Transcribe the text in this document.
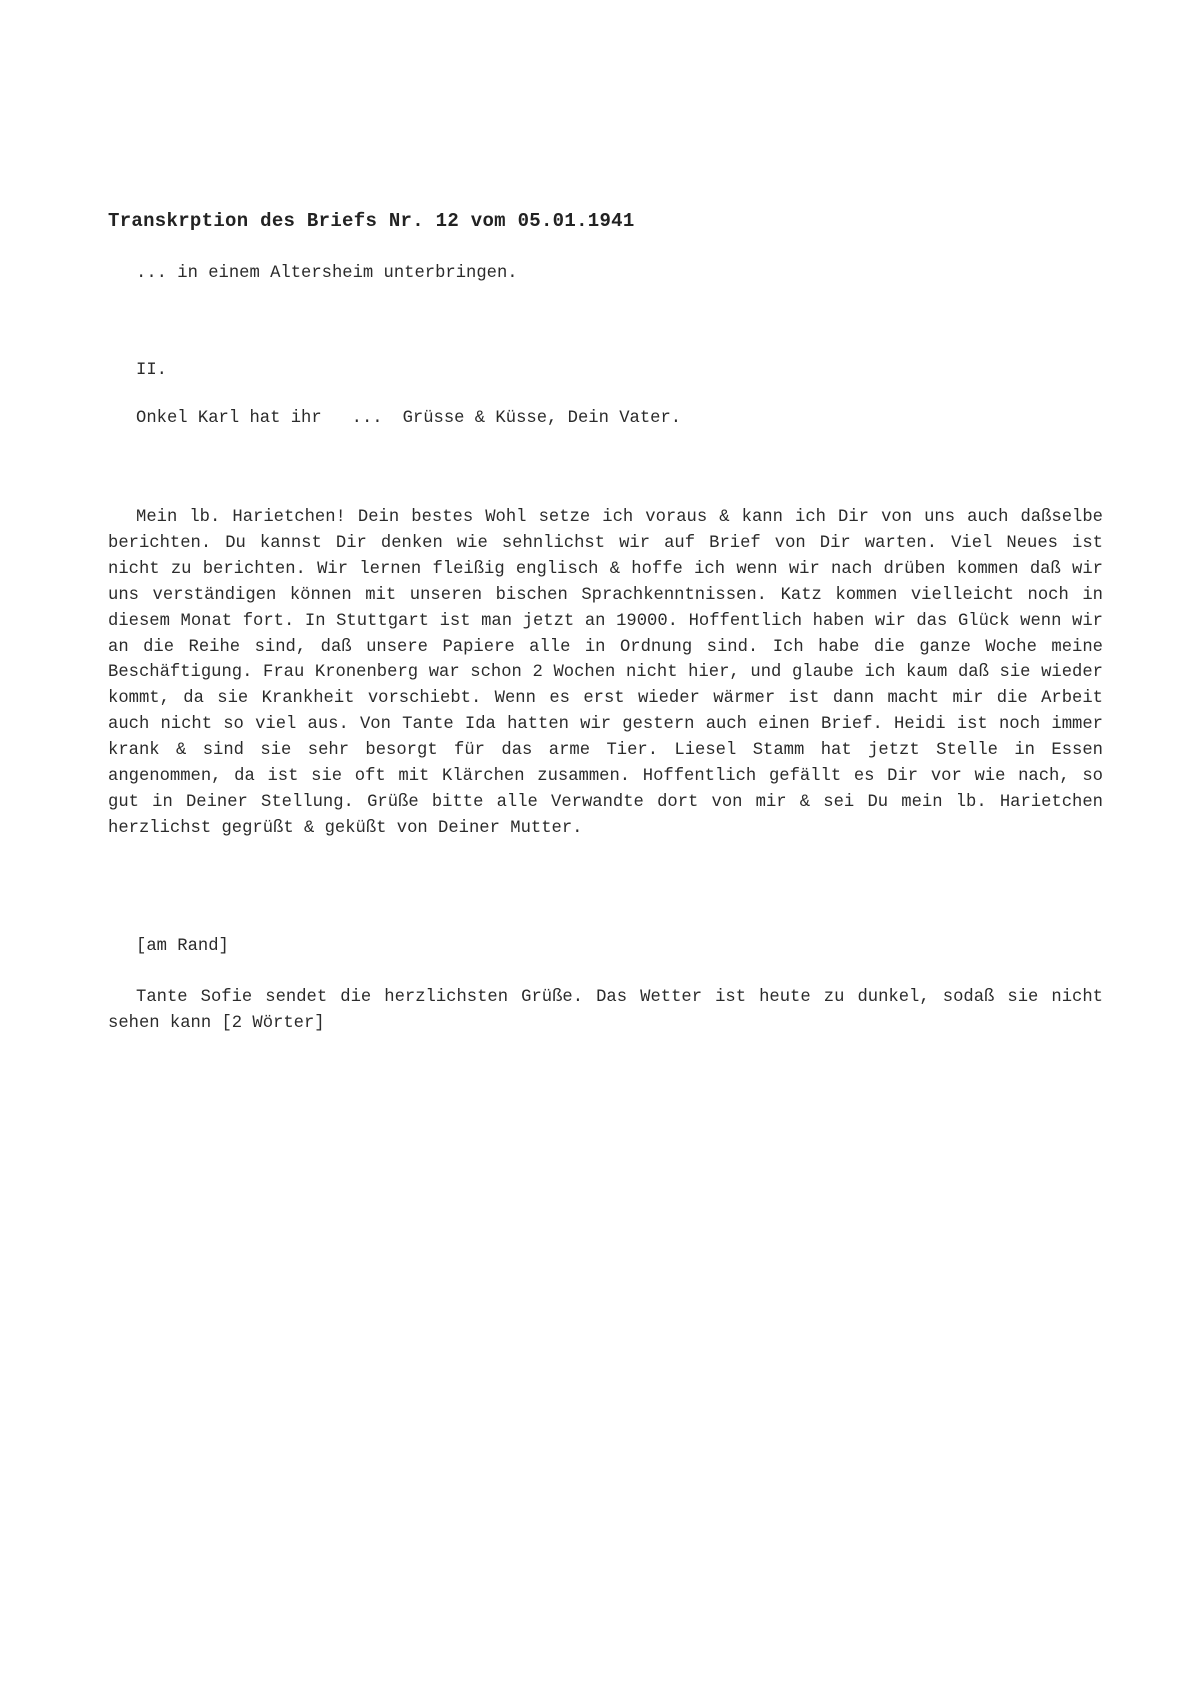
Transkrption des Briefs Nr. 12 vom 05.01.1941
... in einem Altersheim unterbringen.
II.
Onkel Karl hat ihr ... Grüsse & Küsse, Dein Vater.

Mein lb. Harietchen! Dein bestes Wohl setze ich voraus & kann ich Dir von uns auch daßselbe berichten. Du kannst Dir denken wie sehnlichst wir auf Brief von Dir warten. Viel Neues ist nicht zu berichten. Wir lernen fleißig englisch & hoffe ich wenn wir nach drüben kommen daß wir uns verständigen können mit unseren bischen Sprachkenntnissen. Katz kommen vielleicht noch in diesem Monat fort. In Stuttgart ist man jetzt an 19000. Hoffentlich haben wir das Glück wenn wir an die Reihe sind, daß unsere Papiere alle in Ordnung sind. Ich habe die ganze Woche meine Beschäftigung. Frau Kronenberg war schon 2 Wochen nicht hier, und glaube ich kaum daß sie wieder kommt, da sie Krankheit vorschiebt. Wenn es erst wieder wärmer ist dann macht mir die Arbeit auch nicht so viel aus. Von Tante Ida hatten wir gestern auch einen Brief. Heidi ist noch immer krank & sind sie sehr besorgt für das arme Tier. Liesel Stamm hat jetzt Stelle in Essen angenommen, da ist sie oft mit Klärchen zusammen. Hoffentlich gefällt es Dir vor wie nach, so gut in Deiner Stellung. Grüße bitte alle Verwandte dort von mir & sei Du mein lb. Harietchen herzlichst gegrüßt & geküßt von Deiner Mutter.

[am Rand]

Tante Sofie sendet die herzlichsten Grüße. Das Wetter ist heute zu dunkel, sodaß sie nicht sehen kann [2 Wörter]
